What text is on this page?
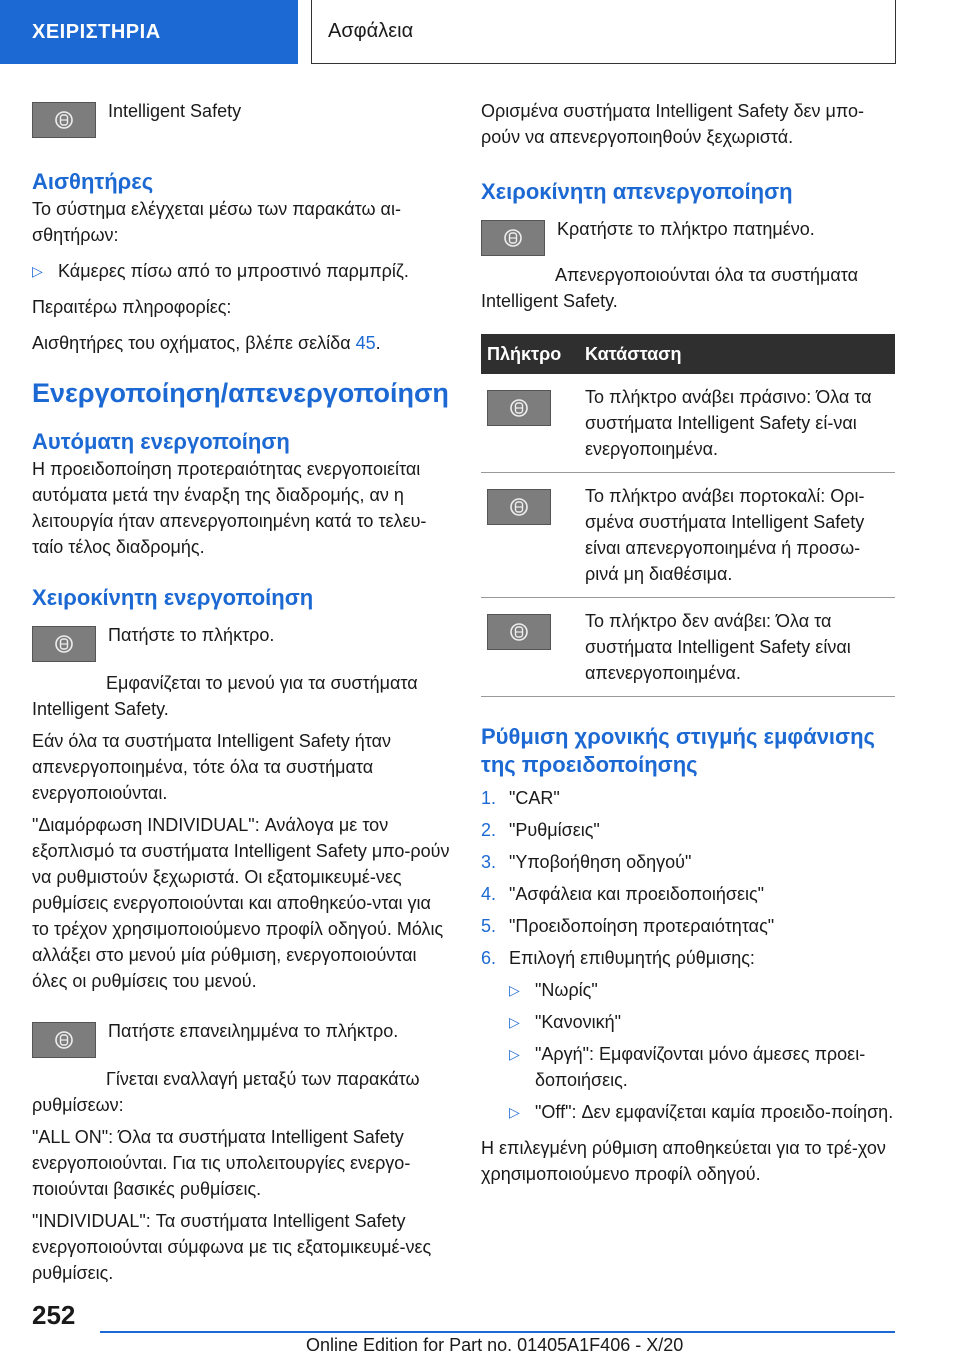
ΧΕΙΡΙΣΤΗΡΙΑ	Ασφάλεια

Intelligent Safety

Αισθητήρες

Το σύστημα ελέγχεται μέσω των παρακάτω αι-σθητήρων:

▷ Κάμερες πίσω από το μπροστινό παρμπρίζ.

Περαιτέρω πληροφορίες:

Αισθητήρες του οχήματος, βλέπε σελίδα 45.

Ενεργοποίηση/απενεργοποίηση
Αυτόματη ενεργοποίηση

Η προειδοποίηση προτεραιότητας ενεργοποιείται αυτόματα μετά την έναρξη της διαδρομής, αν η λειτουργία ήταν απενεργοποιημένη κατά το τελευ-ταίο τέλος διαδρομής.

Χειροκίνητη ενεργοποίηση

Πατήστε το πλήκτρο.

Εμφανίζεται το μενού για τα συστήματα Intelligent Safety.

Εάν όλα τα συστήματα Intelligent Safety ήταν απενεργοποιημένα, τότε όλα τα συστήματα ενεργοποιούνται.

"Διαμόρφωση INDIVIDUAL": Ανάλογα με τον εξοπλισμό τα συστήματα Intelligent Safety μπο-ρούν να ρυθμιστούν ξεχωριστά. Οι εξατομικευμέ-νες ρυθμίσεις ενεργοποιούνται και αποθηκεύο-νται για το τρέχον χρησιμοποιούμενο προφίλ οδηγού. Μόλις αλλάξει στο μενού μία ρύθμιση, ενεργοποιούνται όλες οι ρυθμίσεις του μενού.

Πατήστε επανειλημμένα το πλήκτρο.

Γίνεται εναλλαγή μεταξύ των παρακάτω ρυθμίσεων:

"ALL ON": Όλα τα συστήματα Intelligent Safety ενεργοποιούνται. Για τις υπολειτουργίες ενεργο-ποιούνται βασικές ρυθμίσεις.

"INDIVIDUAL": Τα συστήματα Intelligent Safety ενεργοποιούνται σύμφωνα με τις εξατομικευμέ-νες ρυθμίσεις.

Ορισμένα συστήματα Intelligent Safety δεν μπο-ρούν να απενεργοποιηθούν ξεχωριστά.

Χειροκίνητη απενεργοποίηση

Κρατήστε το πλήκτρο πατημένο.

Απενεργοποιούνται όλα τα συστήματα Intelligent Safety.

Πλήκτρο	Κατάσταση

	Το πλήκτρο ανάβει πράσινο: Όλα τα συστήματα Intelligent Safety εί-ναι ενεργοποιημένα.

	Το πλήκτρο ανάβει πορτοκαλί: Ορι-σμένα συστήματα Intelligent Safety είναι απενεργοποιημένα ή προσω-ρινά μη διαθέσιμα.

	Το πλήκτρο δεν ανάβει: Όλα τα συστήματα Intelligent Safety είναι απενεργοποιημένα.
Ρύθμιση χρονικής στιγμής εμφάνισης της προειδοποίησης
1. "CAR"
2. "Ρυθμίσεις"
3. "Υποβοήθηση οδηγού"
4. "Ασφάλεια και προειδοποιήσεις"
5. "Προειδοποίηση προτεραιότητας"
6. Επιλογή επιθυμητής ρύθμισης:
▷ "Νωρίς"
▷ "Κανονική"
▷ "Αργή": Εμφανίζονται μόνο άμεσες προει-δοποιήσεις.
▷ "Off": Δεν εμφανίζεται καμία προειδο-ποίηση.

Η επιλεγμένη ρύθμιση αποθηκεύεται για το τρέ-χον χρησιμοποιούμενο προφίλ οδηγού.

252
Online Edition for Part no. 01405A1F406 - X/20
